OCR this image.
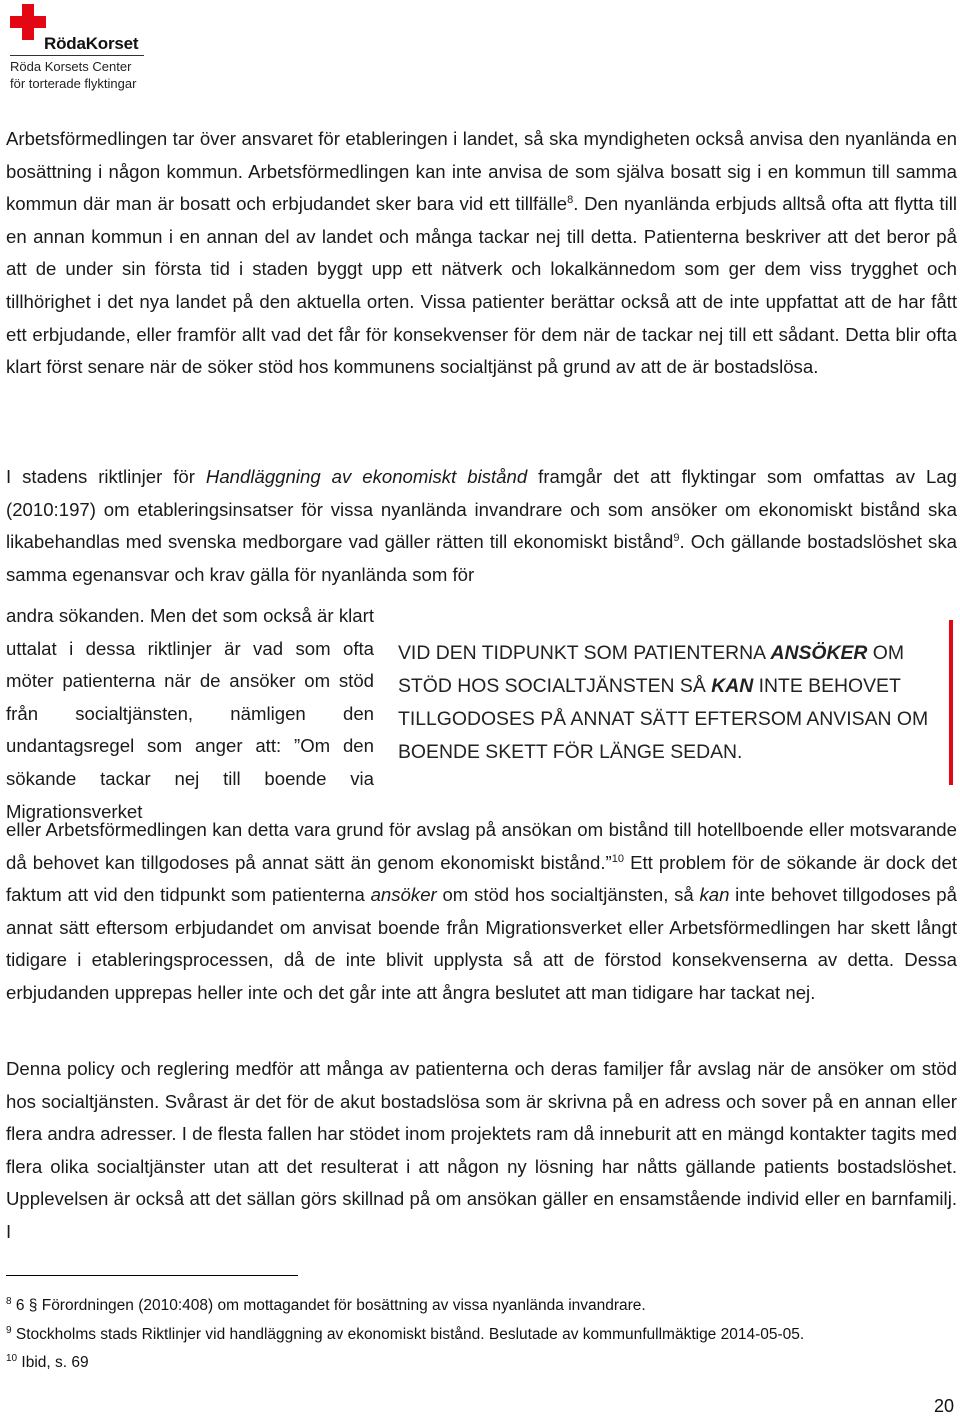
RödaKorset
Röda Korsets Center
för torterade flyktingar

Arbetsförmedlingen tar över ansvaret för etableringen i landet, så ska myndigheten också anvisa den nyanlända en bosättning i någon kommun. Arbetsförmedlingen kan inte anvisa de som själva bosatt sig i en kommun till samma kommun där man är bosatt och erbjudandet sker bara vid ett tillfälle$^8$. Den nyanlända erbjuds alltså ofta att flytta till en annan kommun i en annan del av landet och många tackar nej till detta. Patienterna beskriver att det beror på att de under sin första tid i staden byggt upp ett nätverk och lokalkännedom som ger dem viss trygghet och tillhörighet i det nya landet på den aktuella orten. Vissa patienter berättar också att de inte uppfattat att de har fått ett erbjudande, eller framför allt vad det får för konsekvenser för dem när de tackar nej till ett sådant. Detta blir ofta klart först senare när de söker stöd hos kommunens socialtjänst på grund av att de är bostadslösa.

I stadens riktlinjer för Handläggning av ekonomiskt bistånd framgår det att flyktingar som omfattas av Lag (2010:197) om etableringsinsatser för vissa nyanlända invandrare och som ansöker om ekonomiskt bistånd ska likabehandlas med svenska medborgare vad gäller rätten till ekonomiskt bistånd$^9$. Och gällande bostadslöshet ska samma egenansvar och krav gälla för nyanlända som för

andra sökanden. Men det som också är klart uttalat i dessa riktlinjer är vad som ofta möter patienterna när de ansöker om stöd från socialtjänsten, nämligen den undantagsregel som anger att: ”Om den sökande tackar nej till boende via Migrationsverket
VID DEN TIDPUNKT SOM PATIENTERNA ANSÖKER OM STÖD HOS SOCIALTJÄNSTEN SÅ KAN INTE BEHOVET TILLGODOSES PÅ ANNAT SÄTT EFTERSOM ANVISAN OM BOENDE SKETT FÖR LÄNGE SEDAN.

eller Arbetsförmedlingen kan detta vara grund för avslag på ansökan om bistånd till hotellboende eller motsvarande då behovet kan tillgodoses på annat sätt än genom ekonomiskt bistånd.”$^{10}$ Ett problem för de sökande är dock det faktum att vid den tidpunkt som patienterna ansöker om stöd hos socialtjänsten, så kan inte behovet tillgodoses på annat sätt eftersom erbjudandet om anvisat boende från Migrationsverket eller Arbetsförmedlingen har skett långt tidigare i etableringsprocessen, då de inte blivit upplysta så att de förstod konsekvenserna av detta. Dessa erbjudanden upprepas heller inte och det går inte att ångra beslutet att man tidigare har tackat nej.

Denna policy och reglering medför att många av patienterna och deras familjer får avslag när de ansöker om stöd hos socialtjänsten. Svårast är det för de akut bostadslösa som är skrivna på en adress och sover på en annan eller flera andra adresser. I de flesta fallen har stödet inom projektets ram då inneburit att en mängd kontakter tagits med flera olika socialtjänster utan att det resulterat i att någon ny lösning har nåtts gällande patients bostadslöshet. Upplevelsen är också att det sällan görs skillnad på om ansökan gäller en ensamstående individ eller en barnfamilj. I

$^8$ 6 § Förordningen (2010:408) om mottagandet för bosättning av vissa nyanlända invandrare.
$^9$ Stockholms stads Riktlinjer vid handläggning av ekonomiskt bistånd. Beslutade av kommunfullmäktige 2014-05-05.
$^{10}$ Ibid, s. 69
20
